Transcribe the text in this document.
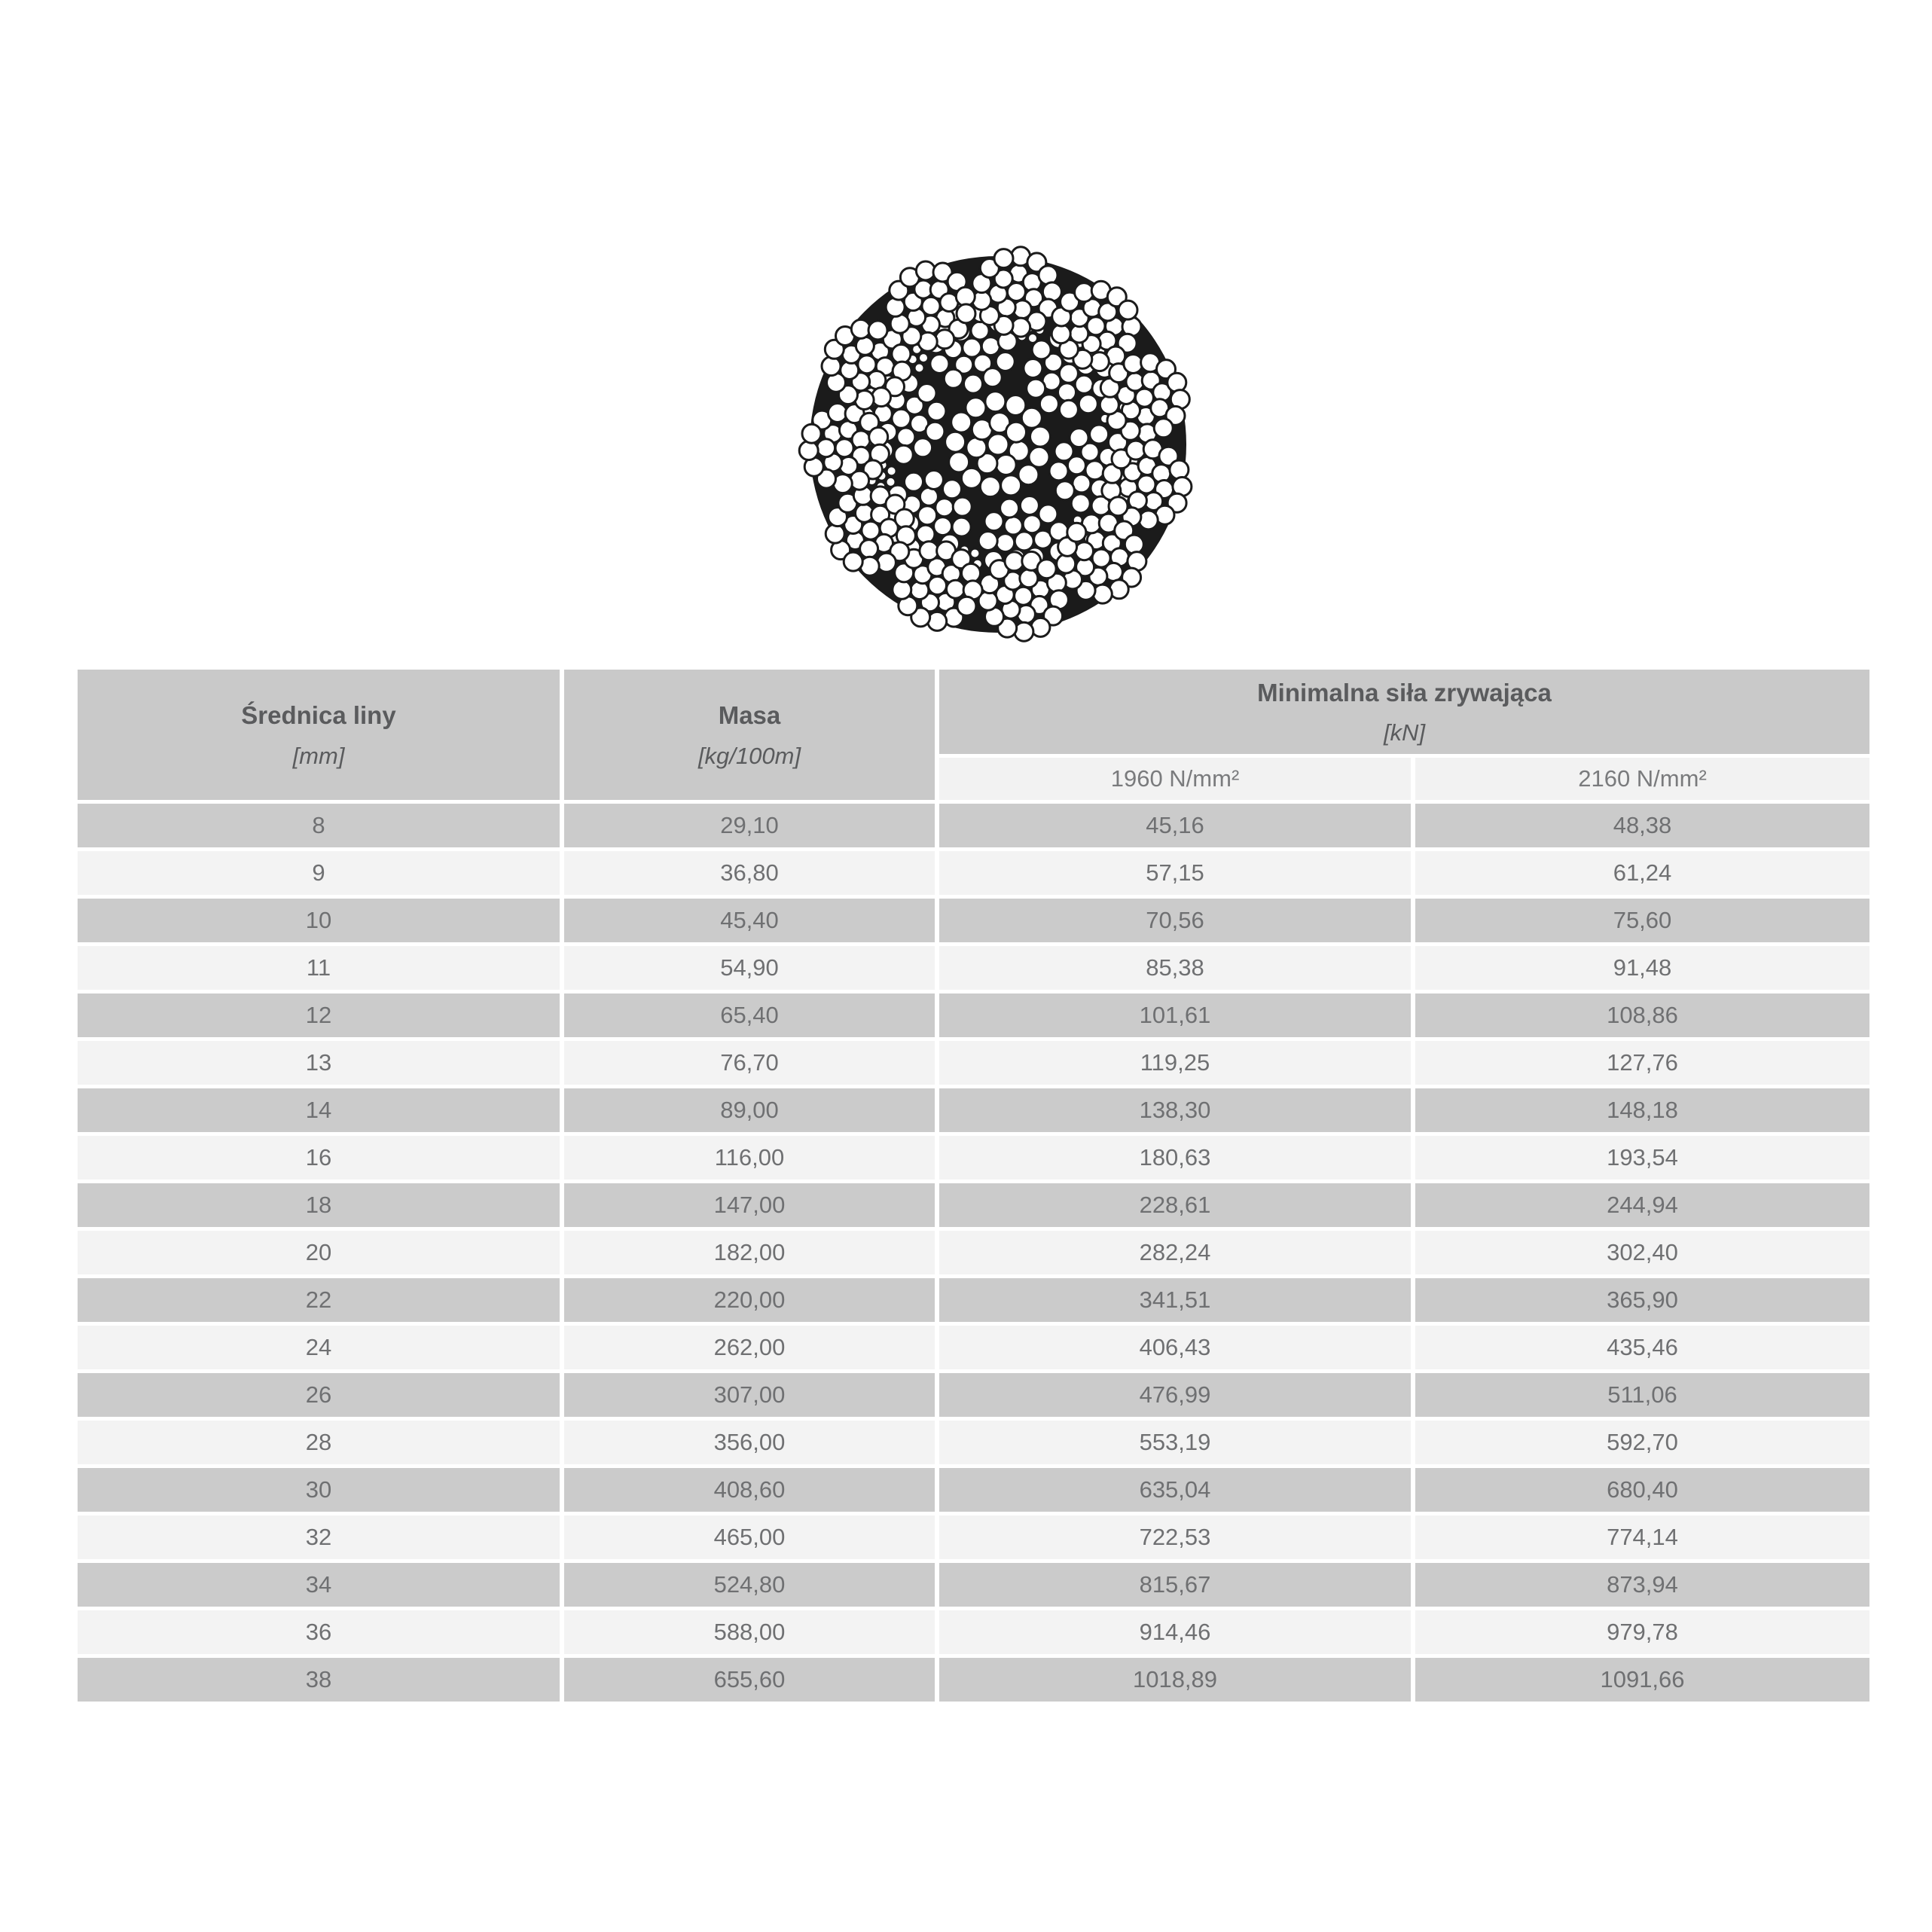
Średnica liny
[mm]

Masa
[kg/100m]

Minimalna siła zrywająca
[kN]

		1960 N/mm²	2160 N/mm²
8	29,10	45,16	48,38
9	36,80	57,15	61,24
10	45,40	70,56	75,60
11	54,90	85,38	91,48
12	65,40	101,61	108,86
13	76,70	119,25	127,76
14	89,00	138,30	148,18
16	116,00	180,63	193,54
18	147,00	228,61	244,94
20	182,00	282,24	302,40
22	220,00	341,51	365,90
24	262,00	406,43	435,46
26	307,00	476,99	511,06
28	356,00	553,19	592,70
30	408,60	635,04	680,40
32	465,00	722,53	774,14
34	524,80	815,67	873,94
36	588,00	914,46	979,78
38	655,60	1018,89	1091,66
